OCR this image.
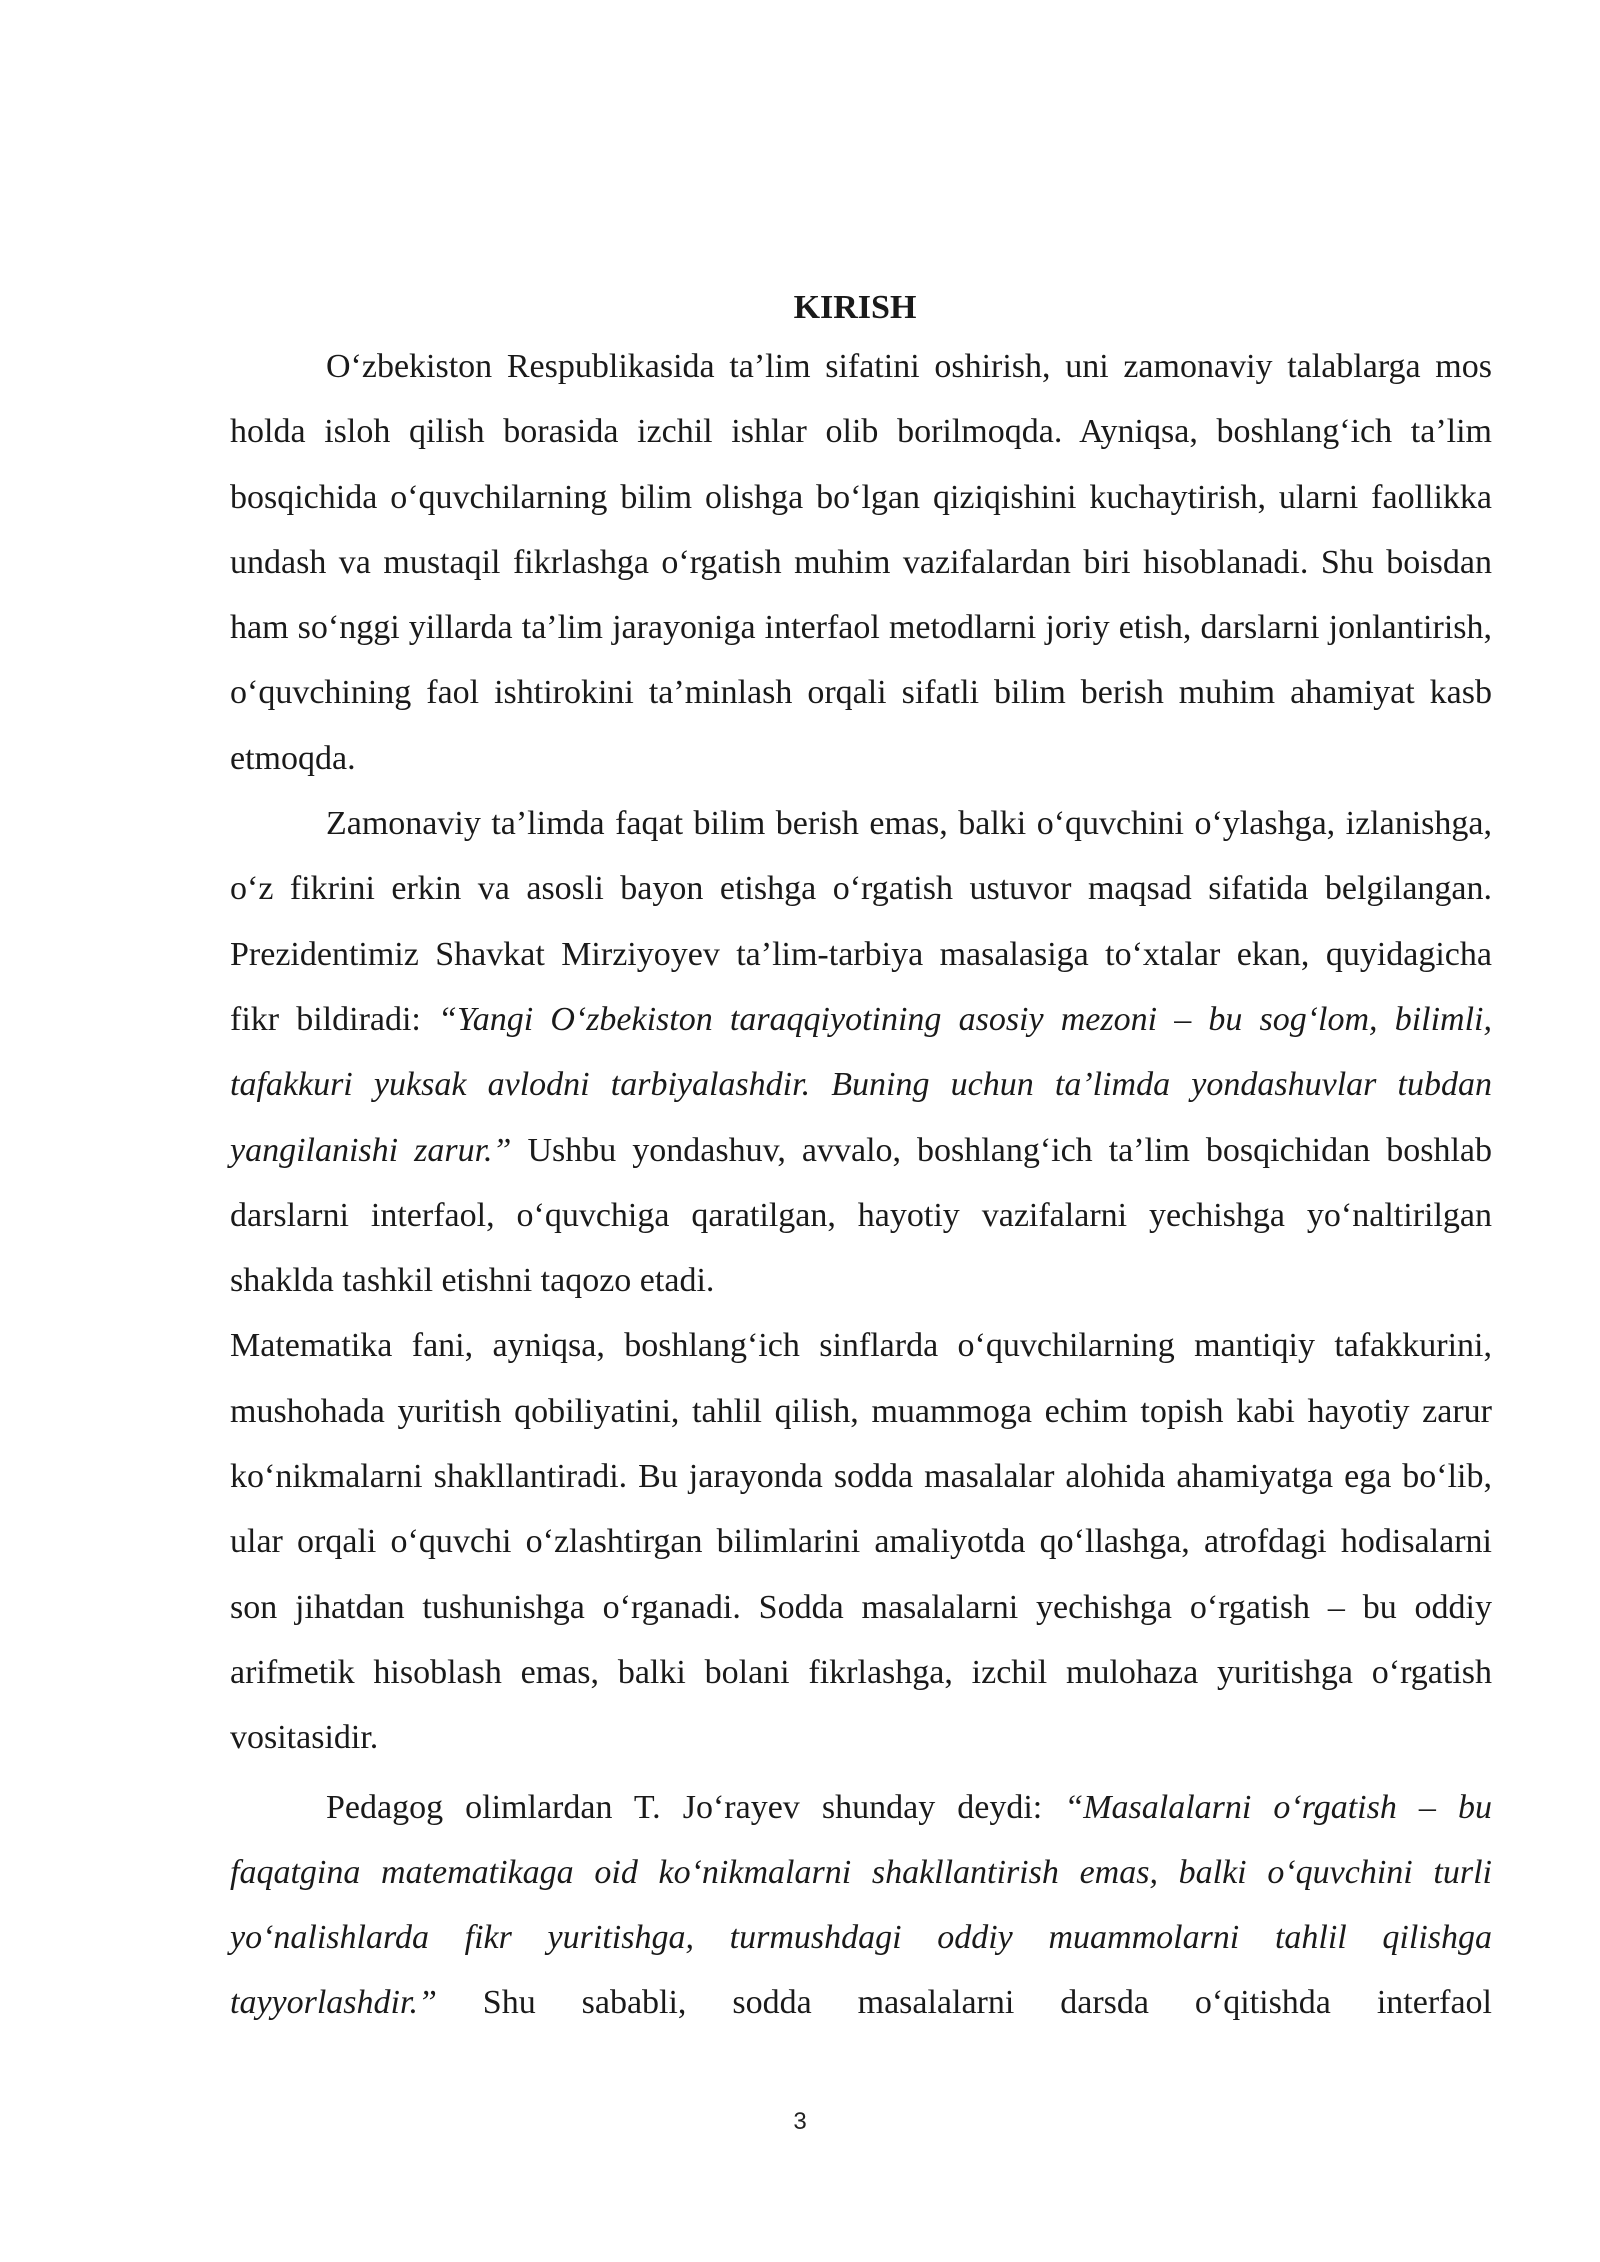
KIRISH

O‘zbekiston Respublikasida ta’lim sifatini oshirish, uni zamonaviy talablarga mos holda isloh qilish borasida izchil ishlar olib borilmoqda. Ayniqsa, boshlang‘ich ta’lim bosqichida o‘quvchilarning bilim olishga bo‘lgan qiziqishini kuchaytirish, ularni faollikka undash va mustaqil fikrlashga o‘rgatish muhim vazifalardan biri hisoblanadi. Shu boisdan ham so‘nggi yillarda ta’lim jarayoniga interfaol metodlarni joriy etish, darslarni jonlantirish, o‘quvchining faol ishtirokini ta’minlash orqali sifatli bilim berish muhim ahamiyat kasb etmoqda.

Zamonaviy ta’limda faqat bilim berish emas, balki o‘quvchini o‘ylashga, izlanishga, o‘z fikrini erkin va asosli bayon etishga o‘rgatish ustuvor maqsad sifatida belgilangan. Prezidentimiz Shavkat Mirziyoyev ta’lim-tarbiya masalasiga to‘xtalar ekan, quyidagicha fikr bildiradi: “Yangi O‘zbekiston taraqqiyotining asosiy mezoni – bu sog‘lom, bilimli, tafakkuri yuksak avlodni tarbiyalashdir. Buning uchun ta’limda yondashuvlar tubdan yangilanishi zarur.” Ushbu yondashuv, avvalo, boshlang‘ich ta’lim bosqichidan boshlab darslarni interfaol, o‘quvchiga qaratilgan, hayotiy vazifalarni yechishga yo‘naltirilgan shaklda tashkil etishni taqozo etadi.

Matematika fani, ayniqsa, boshlang‘ich sinflarda o‘quvchilarning mantiqiy tafakkurini, mushohada yuritish qobiliyatini, tahlil qilish, muammoga echim topish kabi hayotiy zarur ko‘nikmalarni shakllantiradi. Bu jarayonda sodda masalalar alohida ahamiyatga ega bo‘lib, ular orqali o‘quvchi o‘zlashtirgan bilimlarini amaliyotda qo‘llashga, atrofdagi hodisalarni son jihatdan tushunishga o‘rganadi. Sodda masalalarni yechishga o‘rgatish – bu oddiy arifmetik hisoblash emas, balki bolani fikrlashga, izchil mulohaza yuritishga o‘rgatish vositasidir.

Pedagog olimlardan T. Jo‘rayev shunday deydi: “Masalalarni o‘rgatish – bu faqatgina matematikaga oid ko‘nikmalarni shakllantirish emas, balki o‘quvchini turli yo‘nalishlarda fikr yuritishga, turmushdagi oddiy muammolarni tahlil qilishga tayyorlashdir.” Shu sababli, sodda masalalarni darsda o‘qitishda interfaol

3
